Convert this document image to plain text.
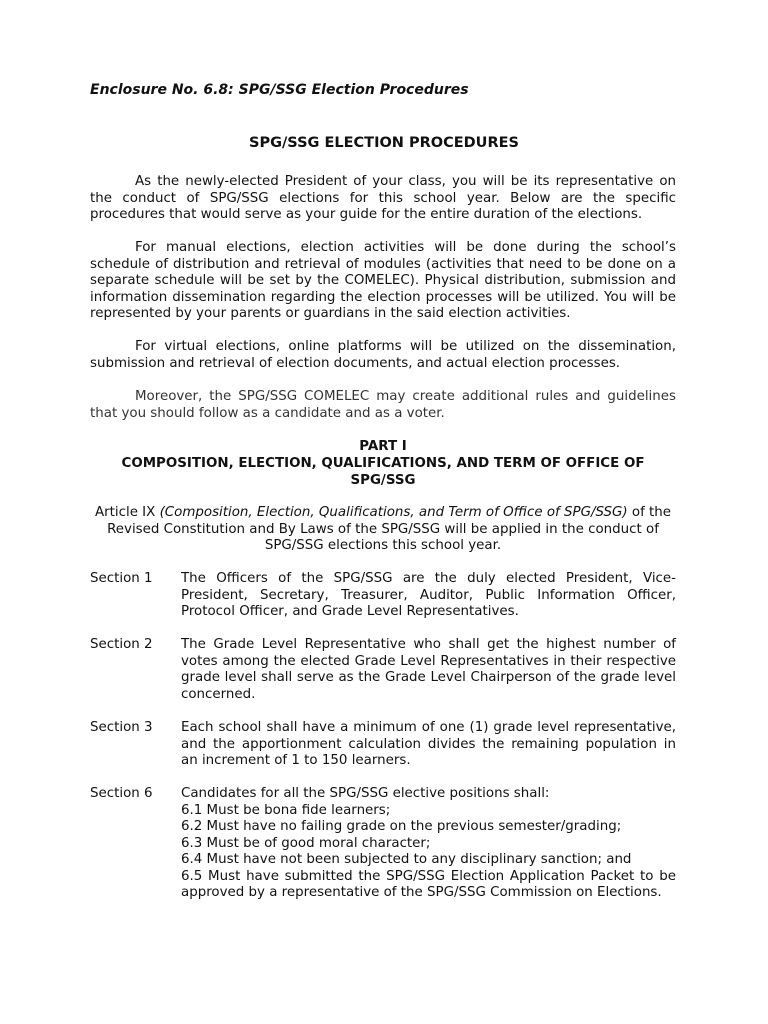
Enclosure No. 6.8: SPG/SSG Election Procedures
SPG/SSG ELECTION PROCEDURES

As the newly-elected President of your class, you will be its representative on the conduct of SPG/SSG elections for this school year. Below are the specific procedures that would serve as your guide for the entire duration of the elections.

For manual elections, election activities will be done during the school’s schedule of distribution and retrieval of modules (activities that need to be done on a separate schedule will be set by the COMELEC). Physical distribution, submission and information dissemination regarding the election processes will be utilized. You will be represented by your parents or guardians in the said election activities.

For virtual elections, online platforms will be utilized on the dissemination, submission and retrieval of election documents, and actual election processes.

Moreover, the SPG/SSG COMELEC may create additional rules and guidelines that you should follow as a candidate and as a voter.

PART I
COMPOSITION, ELECTION, QUALIFICATIONS, AND TERM OF OFFICE OF SPG/SSG
Article IX (Composition, Election, Qualifications, and Term of Office of SPG/SSG) of the Revised Constitution and By Laws of the SPG/SSG will be applied in the conduct of SPG/SSG elections this school year.
Section 1	The Officers of the SPG/SSG are the duly elected President, Vice-President, Secretary, Treasurer, Auditor, Public Information Officer, Protocol Officer, and Grade Level Representatives.
Section 2	The Grade Level Representative who shall get the highest number of votes among the elected Grade Level Representatives in their respective grade level shall serve as the Grade Level Chairperson of the grade level concerned.
Section 3	Each school shall have a minimum of one (1) grade level representative, and the apportionment calculation divides the remaining population in an increment of 1 to 150 learners.
Section 6	Candidates for all the SPG/SSG elective positions shall:
6.1 Must be bona fide learners;
6.2 Must have no failing grade on the previous semester/grading;
6.3 Must be of good moral character;
6.4 Must have not been subjected to any disciplinary sanction; and
6.5 Must have submitted the SPG/SSG Election Application Packet to be approved by a representative of the SPG/SSG Commission on Elections.
